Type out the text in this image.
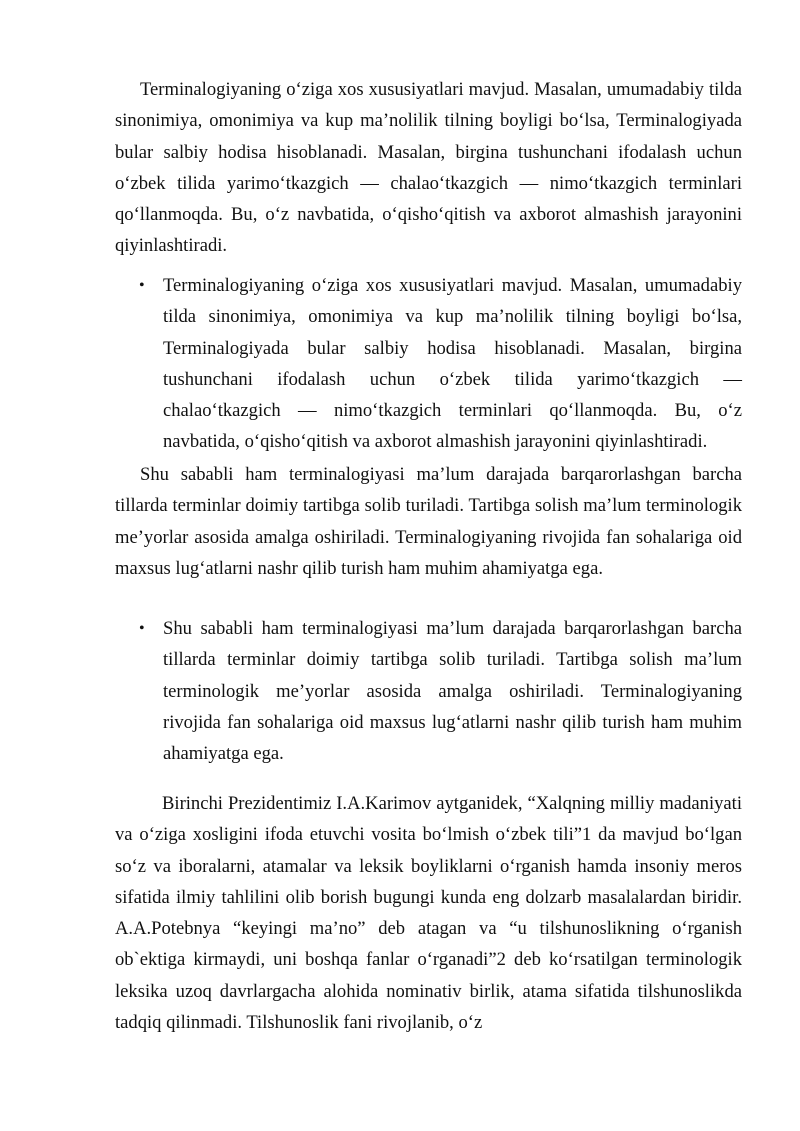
Terminalogiyaning o‘ziga xos xususiyatlari mavjud. Masalan, umumadabiy tilda sinonimiya, omonimiya va kup ma’nolilik tilning boyligi bo‘lsa, Terminalogiyada bular salbiy hodisa hisoblanadi. Masalan, birgina tushunchani ifodalash uchun o‘zbek tilida yarimo‘tkazgich — chalao‘tkazgich — nimo‘tkazgich terminlari qo‘llanmoqda. Bu, o‘z navbatida, o‘qisho‘qitish va axborot almashish jarayonini qiyinlashtiradi.

• Terminalogiyaning o‘ziga xos xususiyatlari mavjud. Masalan, umumadabiy tilda sinonimiya, omonimiya va kup ma’nolilik tilning boyligi bo‘lsa, Terminalogiyada bular salbiy hodisa hisoblanadi. Masalan, birgina tushunchani ifodalash uchun o‘zbek tilida yarimo‘tkazgich — chalao‘tkazgich — nimo‘tkazgich terminlari qo‘llanmoqda. Bu, o‘z navbatida, o‘qisho‘qitish va axborot almashish jarayonini qiyinlashtiradi.

Shu sababli ham terminalogiyasi ma’lum darajada barqarorlashgan barcha tillarda terminlar doimiy tartibga solib turiladi. Tartibga solish ma’lum terminologik me’yorlar asosida amalga oshiriladi. Terminalogiyaning rivojida fan sohalariga oid maxsus lug‘atlarni nashr qilib turish ham muhim ahamiyatga ega.

• Shu sababli ham terminalogiyasi ma’lum darajada barqarorlashgan barcha tillarda terminlar doimiy tartibga solib turiladi. Tartibga solish ma’lum terminologik me’yorlar asosida amalga oshiriladi. Terminalogiyaning rivojida fan sohalariga oid maxsus lug‘atlarni nashr qilib turish ham muhim ahamiyatga ega.

Birinchi Prezidentimiz I.A.Karimov aytganidek, “Xalqning milliy madaniyati va o‘ziga xosligini ifoda etuvchi vosita bo‘lmish o‘zbek tili”1 da mavjud bo‘lgan so‘z va iboralarni, atamalar va leksik boyliklarni o‘rganish hamda insoniy meros sifatida ilmiy tahlilini olib borish bugungi kunda eng dolzarb masalalardan biridir. A.A.Potebnya “keyingi ma’no” deb atagan va “u tilshunoslikning o‘rganish ob`ektiga kirmaydi, uni boshqa fanlar o‘rganadi”2 deb ko‘rsatilgan terminologik leksika uzoq davrlargacha alohida nominativ birlik, atama sifatida tilshunoslikda tadqiq qilinmadi. Tilshunoslik fani rivojlanib, o‘z
